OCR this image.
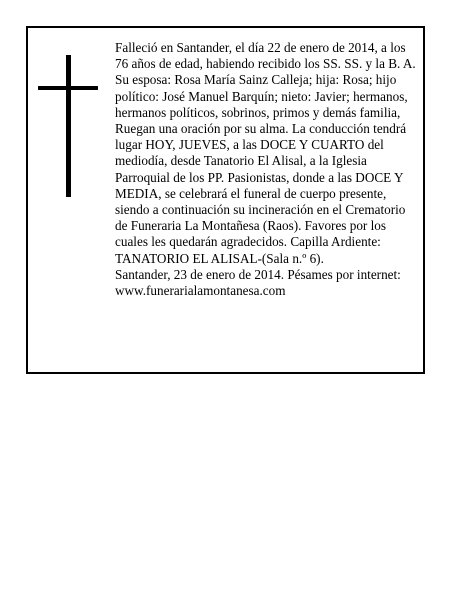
Falleció en Santander, el día 22 de enero de 2014, a los 76 años de edad, habiendo recibido los SS. SS. y la B. A.

Su esposa: Rosa María Sainz Calleja; hija: Rosa; hijo político: José Manuel Barquín; nieto: Javier; hermanos, hermanos políticos, sobrinos, primos y demás familia, Ruegan una oración por su alma. La conducción tendrá lugar HOY, JUEVES, a las DOCE Y CUARTO del mediodía, desde Tanatorio El Alisal, a la Iglesia Parroquial de los PP. Pasionistas, donde a las DOCE Y MEDIA, se celebrará el funeral de cuerpo presente, siendo a continuación su incineración en el Crematorio de Funeraria La Montañesa (Raos). Favores por los cuales les quedarán agradecidos. Capilla Ardiente: TANATORIO EL ALISAL-(Sala n.º 6).

Santander, 23 de enero de 2014. Pésames por internet: www.funerarialamontanesa.com
